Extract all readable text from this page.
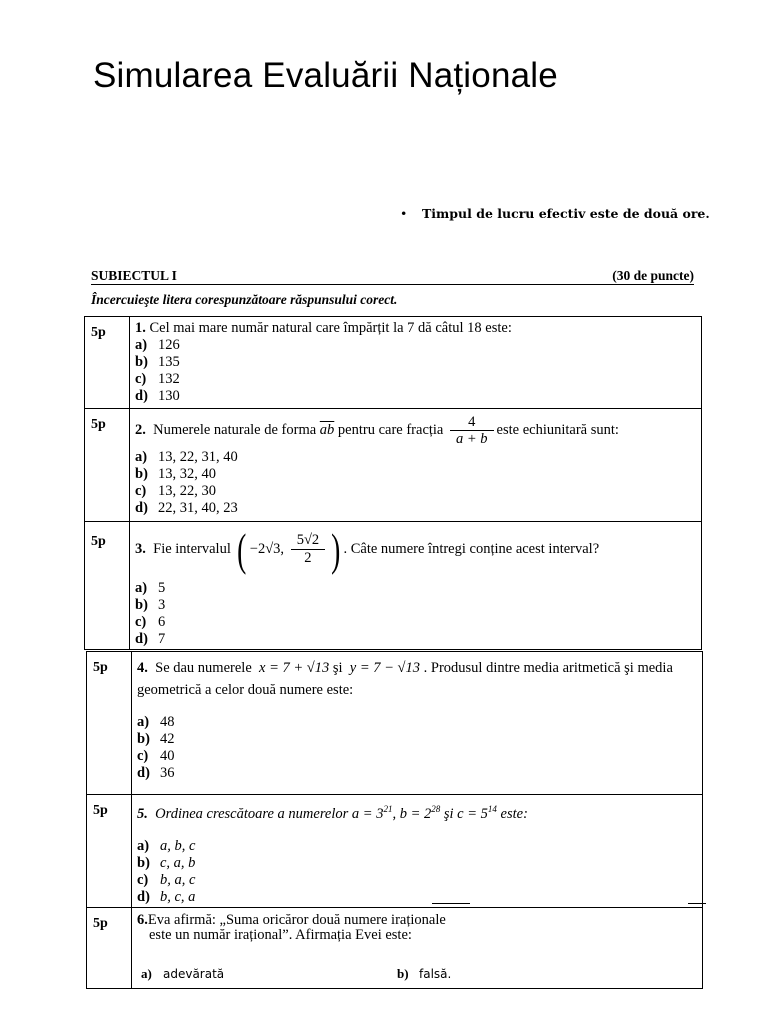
Simularea Evaluării Naționale
• Timpul de lucru efectiv este de două ore.
SUBIECTUL I	(30 de puncte)
Încercuieşte litera corespunzătoare răspunsului corect.
5p 1. Cel mai mare număr natural care împărțit la 7 dă câtul 18 este:
a) 126
b) 135
c) 132
d) 130
5p 2. Numerele naturale de forma $\overline{ab}$ pentru care fracția $\frac{4}{a + b}$ este echiunitară sunt:
a) 13, 22, 31, 40
b) 13, 32, 40
c) 13, 22, 30
d) 22, 31, 40, 23
5p 3. Fie intervalul ( −2√3, $\frac{5√2}{2}$ ) . Câte numere întregi conține acest interval?
a) 5
b) 3
c) 6
d) 7
5p 4. Se dau numerele x = 7 + √13 şi y = 7 − √13 . Produsul dintre media aritmetică şi media
geometrică a celor două numere este:
a) 48
b) 42
c) 40
d) 36
5p 5. Ordinea crescătoare a numerelor $a = 3^{21}$, $b = 2^{28}$ şi $c = 5^{14}$ este:
a) a, b, c
b) c, a, b
c) b, a, c
d) b, c, a
5p 6.Eva afirmă: „Suma oricăror două numere iraționale
este un număr irațional”. Afirmația Evei este:
a) adevărată	b) falsă.
